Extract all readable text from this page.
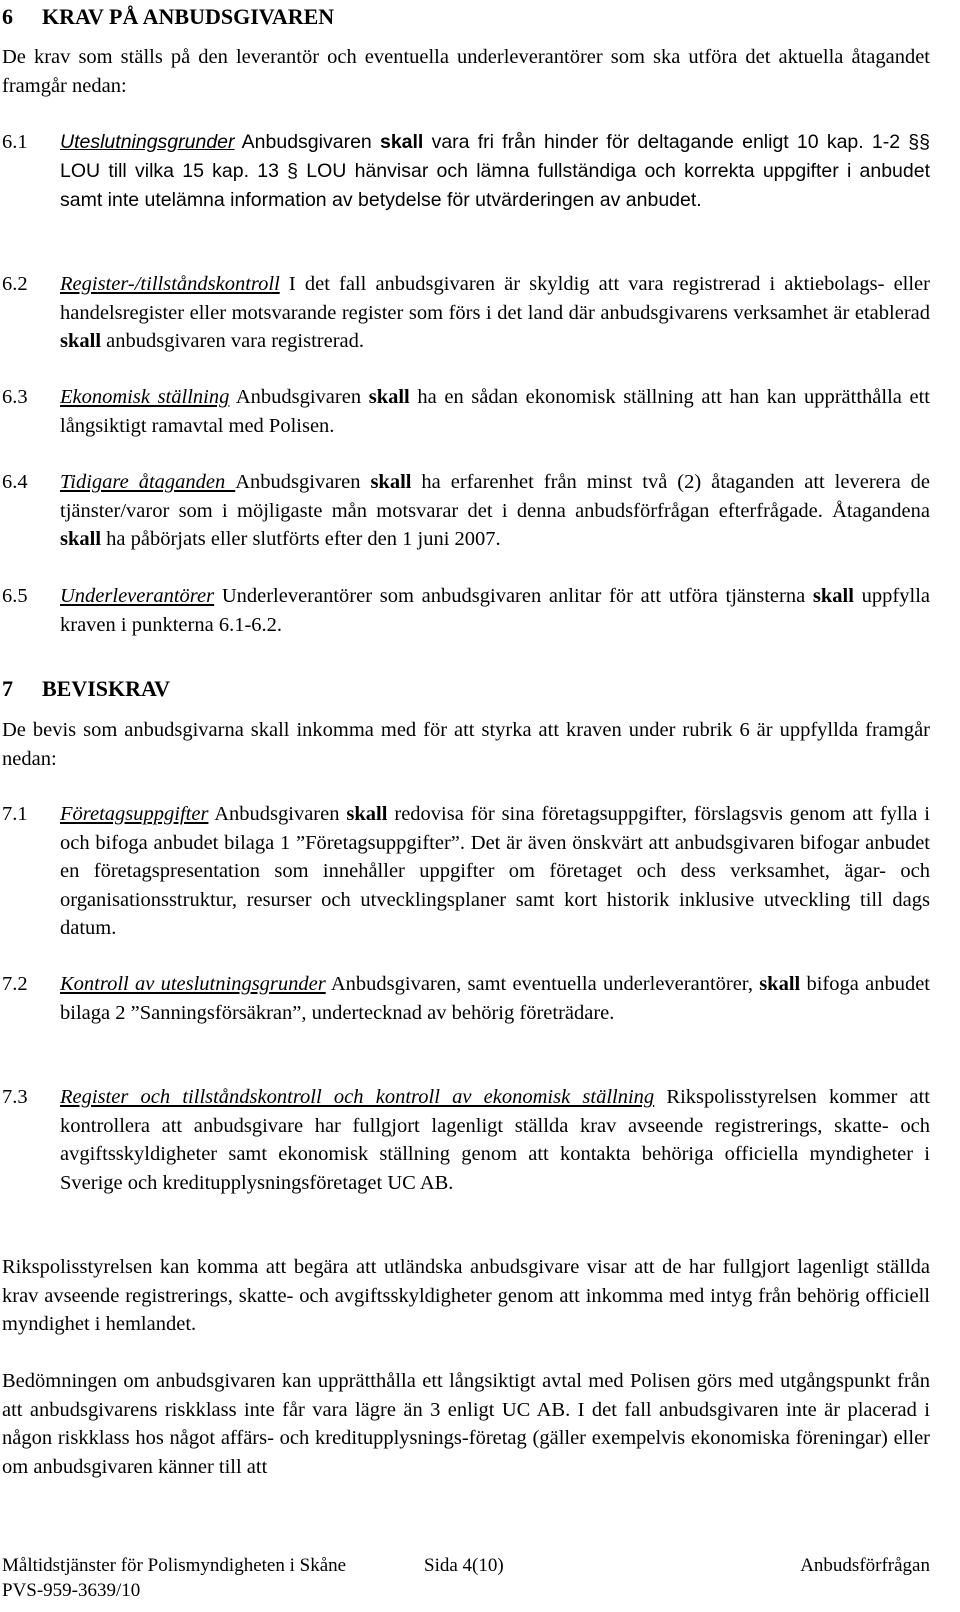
6 KRAV PÅ ANBUDSGIVAREN
De krav som ställs på den leverantör och eventuella underleverantörer som ska utföra det aktuella åtagandet framgår nedan:
6.1 Uteslutningsgrunder Anbudsgivaren skall vara fri från hinder för deltagande enligt 10 kap. 1-2 §§ LOU till vilka 15 kap. 13 § LOU hänvisar och lämna fullständiga och korrekta uppgifter i anbudet samt inte utelämna information av betydelse för utvärderingen av anbudet.
6.2 Register-/tillståndskontroll I det fall anbudsgivaren är skyldig att vara registrerad i aktiebolags- eller handelsregister eller motsvarande register som förs i det land där anbudsgivarens verksamhet är etablerad skall anbudsgivaren vara registrerad.
6.3 Ekonomisk ställning Anbudsgivaren skall ha en sådan ekonomisk ställning att han kan upprätthålla ett långsiktigt ramavtal med Polisen.
6.4 Tidigare åtaganden Anbudsgivaren skall ha erfarenhet från minst två (2) åtaganden att leverera de tjänster/varor som i möjligaste mån motsvarar det i denna anbudsförfrågan efterfrågade. Åtagandena skall ha påbörjats eller slutförts efter den 1 juni 2007.
6.5 Underleverantörer Underleverantörer som anbudsgivaren anlitar för att utföra tjänsterna skall uppfylla kraven i punkterna 6.1-6.2.
7 BEVISKRAV
De bevis som anbudsgivarna skall inkomma med för att styrka att kraven under rubrik 6 är uppfyllda framgår nedan:
7.1 Företagsuppgifter Anbudsgivaren skall redovisa för sina företagsuppgifter, förslagsvis genom att fylla i och bifoga anbudet bilaga 1 ”Företagsuppgifter”. Det är även önskvärt att anbudsgivaren bifogar anbudet en företagspresentation som innehåller uppgifter om företaget och dess verksamhet, ägar- och organisationsstruktur, resurser och utvecklingsplaner samt kort historik inklusive utveckling till dags datum.
7.2 Kontroll av uteslutningsgrunder Anbudsgivaren, samt eventuella underleverantörer, skall bifoga anbudet bilaga 2 ”Sanningsförsäkran”, undertecknad av behörig företrädare.
7.3 Register och tillståndskontroll och kontroll av ekonomisk ställning Rikspolisstyrelsen kommer att kontrollera att anbudsgivare har fullgjort lagenligt ställda krav avseende registrerings, skatte- och avgiftsskyldigheter samt ekonomisk ställning genom att kontakta behöriga officiella myndigheter i Sverige och kreditupplysningsföretaget UC AB.
Rikspolisstyrelsen kan komma att begära att utländska anbudsgivare visar att de har fullgjort lagenligt ställda krav avseende registrerings, skatte- och avgiftsskyldigheter genom att inkomma med intyg från behörig officiell myndighet i hemlandet.
Bedömningen om anbudsgivaren kan upprätthålla ett långsiktigt avtal med Polisen görs med utgångspunkt från att anbudsgivarens riskklass inte får vara lägre än 3 enligt UC AB. I det fall anbudsgivaren inte är placerad i någon riskklass hos något affärs- och kreditupplysnings-företag (gäller exempelvis ekonomiska föreningar) eller om anbudsgivaren känner till att
Måltidstjänster för Polismyndigheten i Skåne	Sida 4(10)	Anbudsförfrågan
PVS-959-3639/10
